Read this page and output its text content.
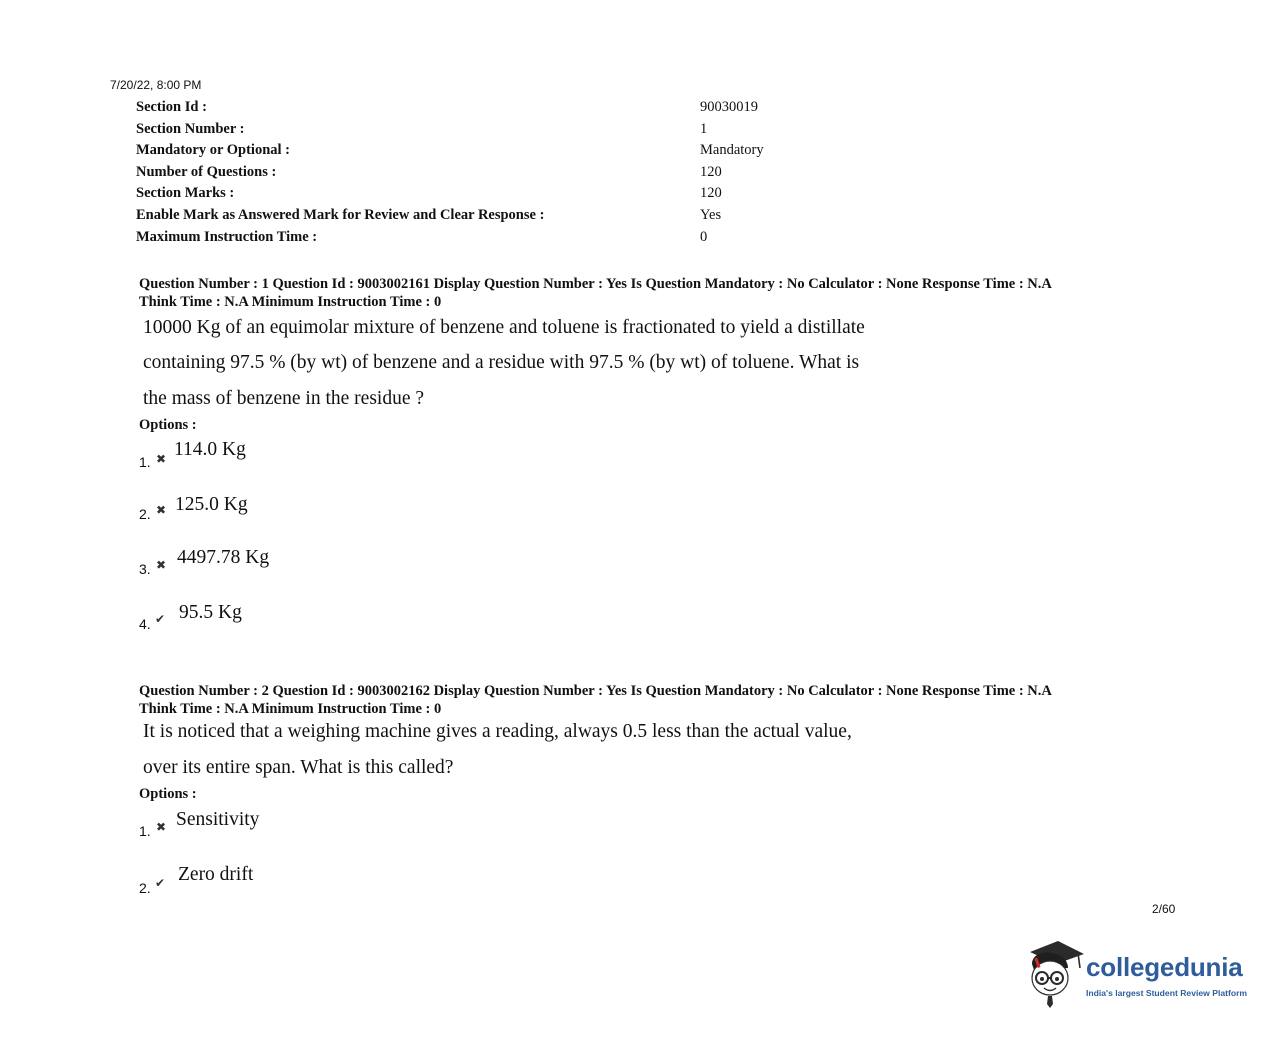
7/20/22, 8:00 PM
Section Id :	90030019
Section Number :	1
Mandatory or Optional :	Mandatory
Number of Questions :	120
Section Marks :	120
Enable Mark as Answered Mark for Review and Clear Response :	Yes
Maximum Instruction Time :	0
Question Number : 1 Question Id : 9003002161 Display Question Number : Yes Is Question Mandatory : No Calculator : None Response Time : N.A
Think Time : N.A Minimum Instruction Time : 0
10000 Kg of an equimolar mixture of benzene and toluene is fractionated to yield a distillate
containing 97.5 % (by wt) of benzene and a residue with 97.5 % (by wt) of toluene. What is
the mass of benzene in the residue ?
Options :
1. ✖ 114.0 Kg
2. ✖ 125.0 Kg
3. ✖ 4497.78 Kg
4. ✔ 95.5 Kg
Question Number : 2 Question Id : 9003002162 Display Question Number : Yes Is Question Mandatory : No Calculator : None Response Time : N.A
Think Time : N.A Minimum Instruction Time : 0
It is noticed that a weighing machine gives a reading, always 0.5 less than the actual value,
over its entire span. What is this called?
Options :
1. ✖ Sensitivity
2. ✔ Zero drift
2/60
collegedunia
India's largest Student Review Platform
